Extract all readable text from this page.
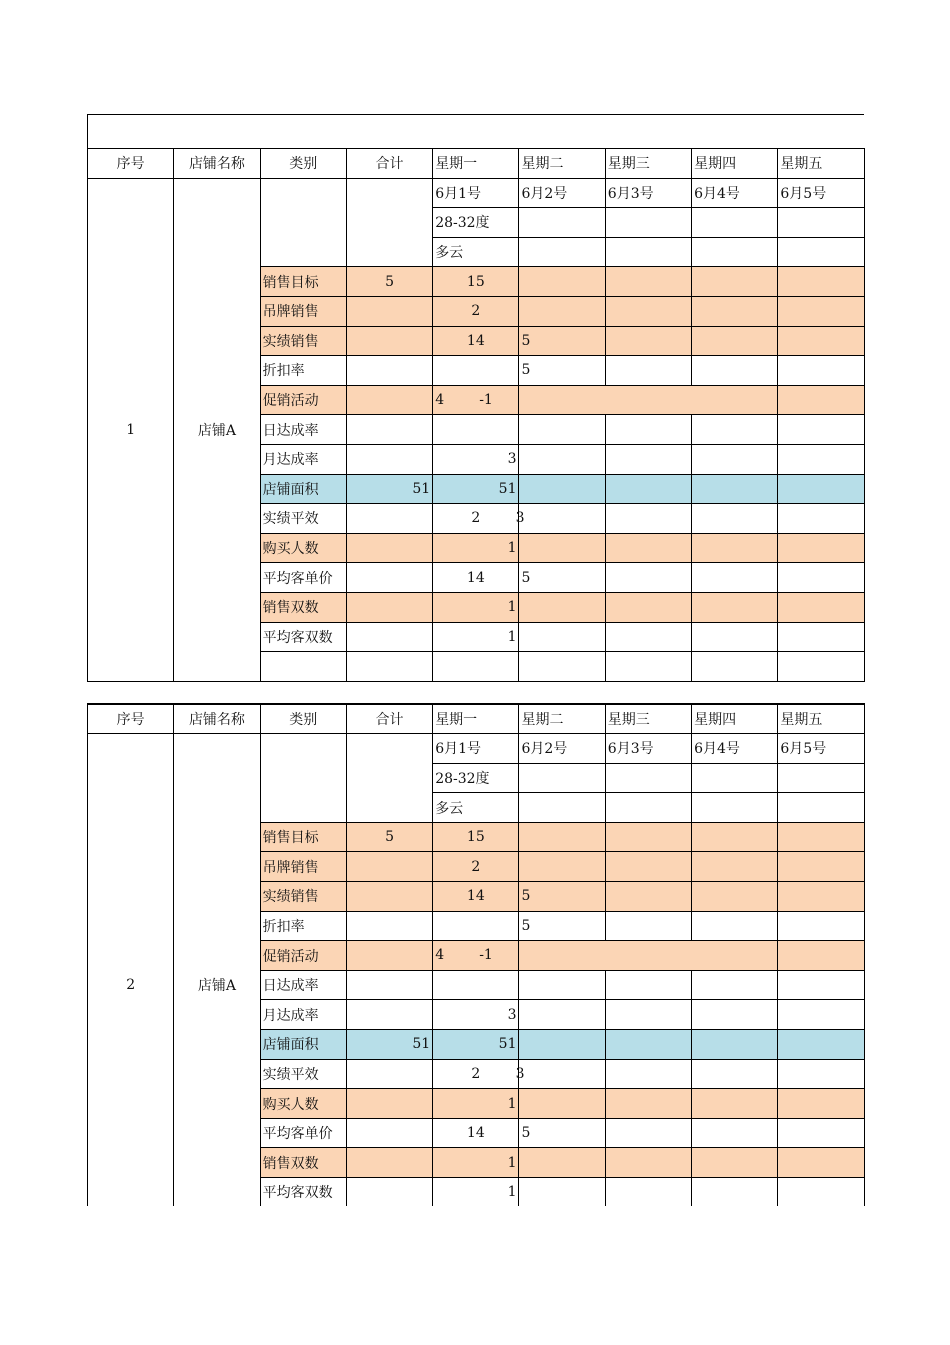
序号	店铺名称	类别	合计	星期一	星期二	星期三	星期四	星期五
1	店铺A			6月1号	6月2号	6月3号	6月4号	6月5号
				28-32度				
				多云				
		销售目标	5	15				
		吊牌销售		2				
		实绩销售		14	5			
		折扣率			5			
		促销活动		4 -1				

		日达成率						
		月达成率		3				
		店铺面积	51	51				
		实绩平效		2 3				

		购买人数		1				
		平均客单价		14	5			
		销售双数		1				
		平均客双数		1				

序号	店铺名称	类别	合计	星期一	星期二	星期三	星期四	星期五
2	店铺A			6月1号	6月2号	6月3号	6月4号	6月5号
				28-32度				
				多云				
		销售目标	5	15				
		吊牌销售		2				
		实绩销售		14	5			
		折扣率			5			
		促销活动		4 -1				

		日达成率						
		月达成率		3				
		店铺面积	51	51				
		实绩平效		2 3				

		购买人数		1				
		平均客单价		14	5			
		销售双数		1				
		平均客双数		1				
